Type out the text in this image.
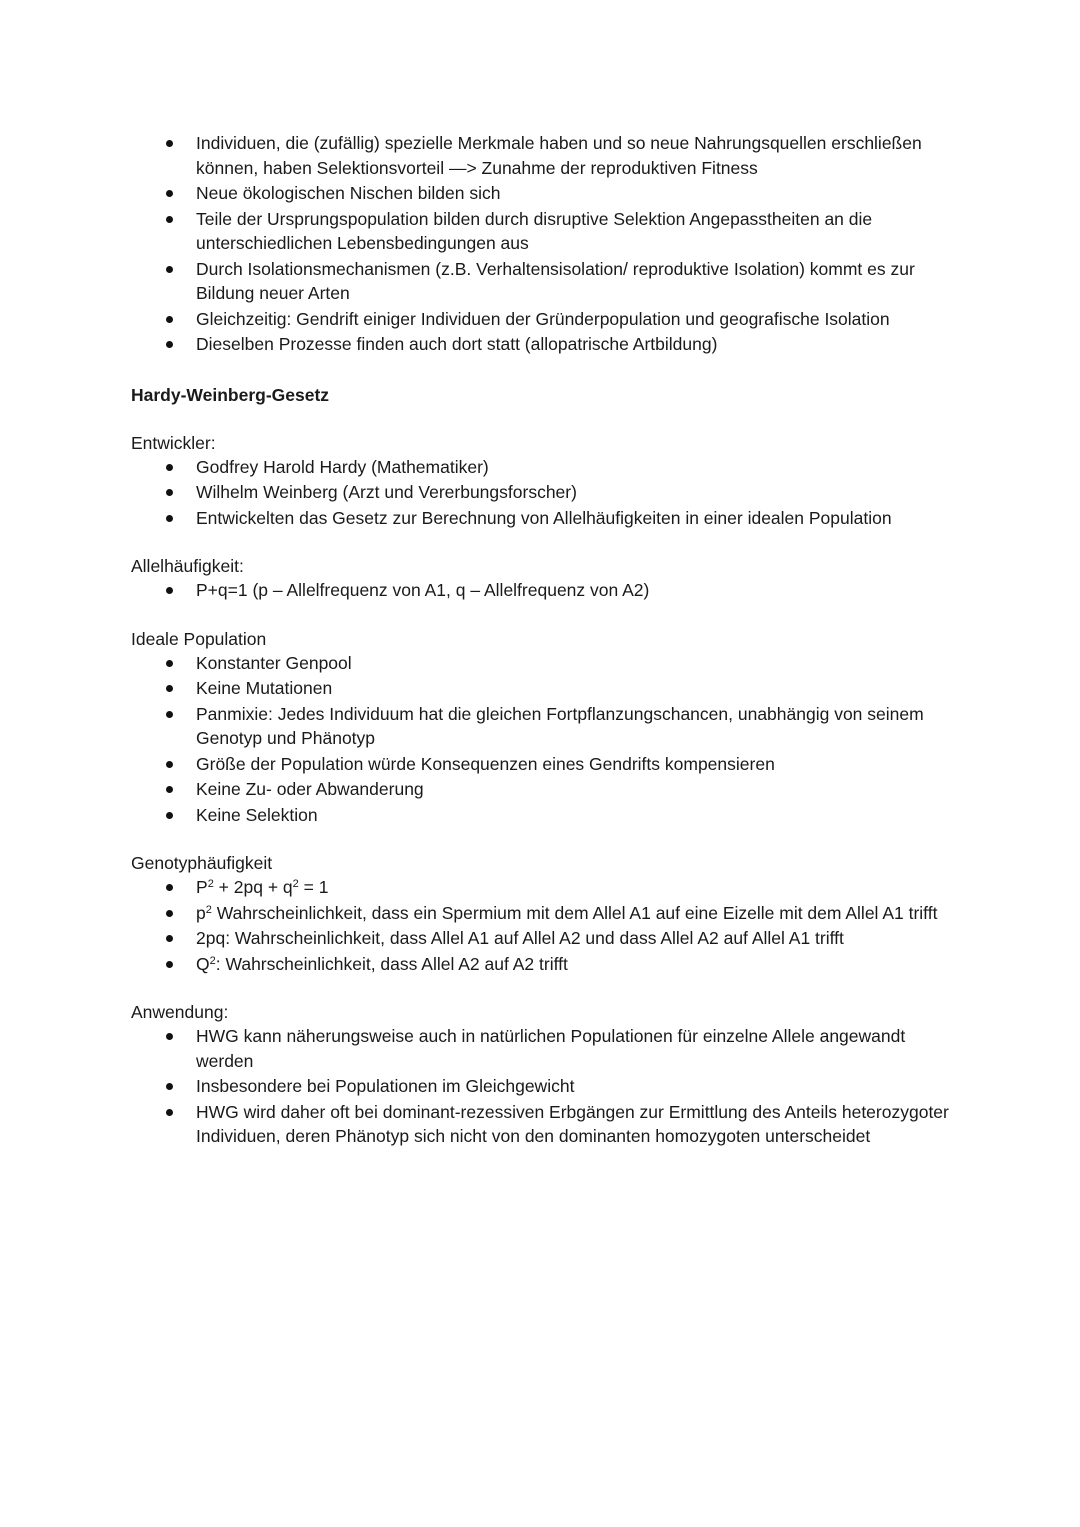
Individuen, die (zufällig) spezielle Merkmale haben und so neue Nahrungsquellen erschließen können, haben Selektionsvorteil —> Zunahme der reproduktiven Fitness
Neue ökologischen Nischen bilden sich
Teile der Ursprungspopulation bilden durch disruptive Selektion Angepasstheiten an die unterschiedlichen Lebensbedingungen aus
Durch Isolationsmechanismen (z.B. Verhaltensisolation/ reproduktive Isolation) kommt es zur Bildung neuer Arten
Gleichzeitig: Gendrift einiger Individuen der Gründerpopulation und geografische Isolation
Dieselben Prozesse finden auch dort statt (allopatrische Artbildung)
Hardy-Weinberg-Gesetz

Entwickler:

Godfrey Harold Hardy (Mathematiker)
Wilhelm Weinberg (Arzt und Vererbungsforscher)
Entwickelten das Gesetz zur Berechnung von Allelhäufigkeiten in einer idealen Population

Allelhäufigkeit:

P+q=1 (p – Allelfrequenz von A1, q – Allelfrequenz von A2)

Ideale Population

Konstanter Genpool
Keine Mutationen
Panmixie: Jedes Individuum hat die gleichen Fortpflanzungschancen, unabhängig von seinem Genotyp und Phänotyp
Größe der Population würde Konsequenzen eines Gendrifts kompensieren
Keine Zu- oder Abwanderung
Keine Selektion

Genotyphäufigkeit

$P^2 + 2pq + q^2 = 1$
$p^2$ Wahrscheinlichkeit, dass ein Spermium mit dem Allel A1 auf eine Eizelle mit dem Allel A1 trifft
2pq: Wahrscheinlichkeit, dass Allel A1 auf Allel A2 und dass Allel A2 auf Allel A1 trifft
$Q^2$: Wahrscheinlichkeit, dass Allel A2 auf A2 trifft

Anwendung:

HWG kann näherungsweise auch in natürlichen Populationen für einzelne Allele angewandt werden
Insbesondere bei Populationen im Gleichgewicht
HWG wird daher oft bei dominant-rezessiven Erbgängen zur Ermittlung des Anteils heterozygoter Individuen, deren Phänotyp sich nicht von den dominanten homozygoten unterscheidet
